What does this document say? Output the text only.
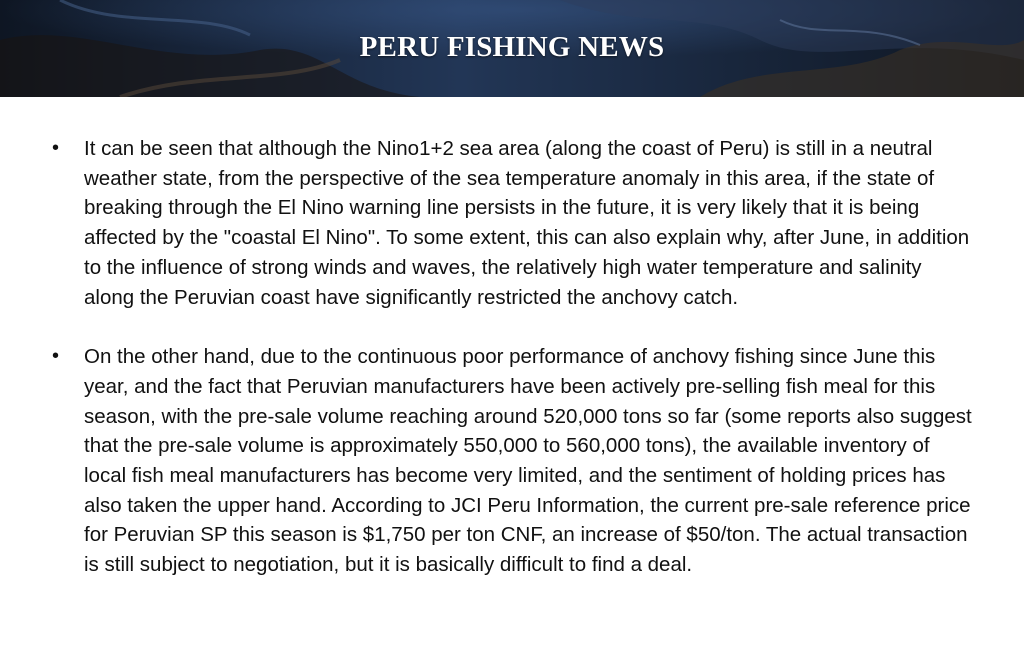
PERU FISHING NEWS
•	It can be seen that although the Nino1+2 sea area (along the coast of Peru) is still in a neutral weather state, from the perspective of the sea temperature anomaly in this area, if the state of breaking through the El Nino warning line persists in the future, it is very likely that it is being affected by the "coastal El Nino". To some extent, this can also explain why, after June, in addition to the influence of strong winds and waves, the relatively high water temperature and salinity along the Peruvian coast have significantly restricted the anchovy catch.

•	On the other hand, due to the continuous poor performance of anchovy fishing since June this year, and the fact that Peruvian manufacturers have been actively pre-selling fish meal for this season, with the pre-sale volume reaching around 520,000 tons so far (some reports also suggest that the pre-sale volume is approximately 550,000 to 560,000 tons), the available inventory of local fish meal manufacturers has become very limited, and the sentiment of holding prices has also taken the upper hand. According to JCI Peru Information, the current pre-sale reference price for Peruvian SP this season is $1,750 per ton CNF, an increase of $50/ton. The actual transaction is still subject to negotiation, but it is basically difficult to find a deal.
